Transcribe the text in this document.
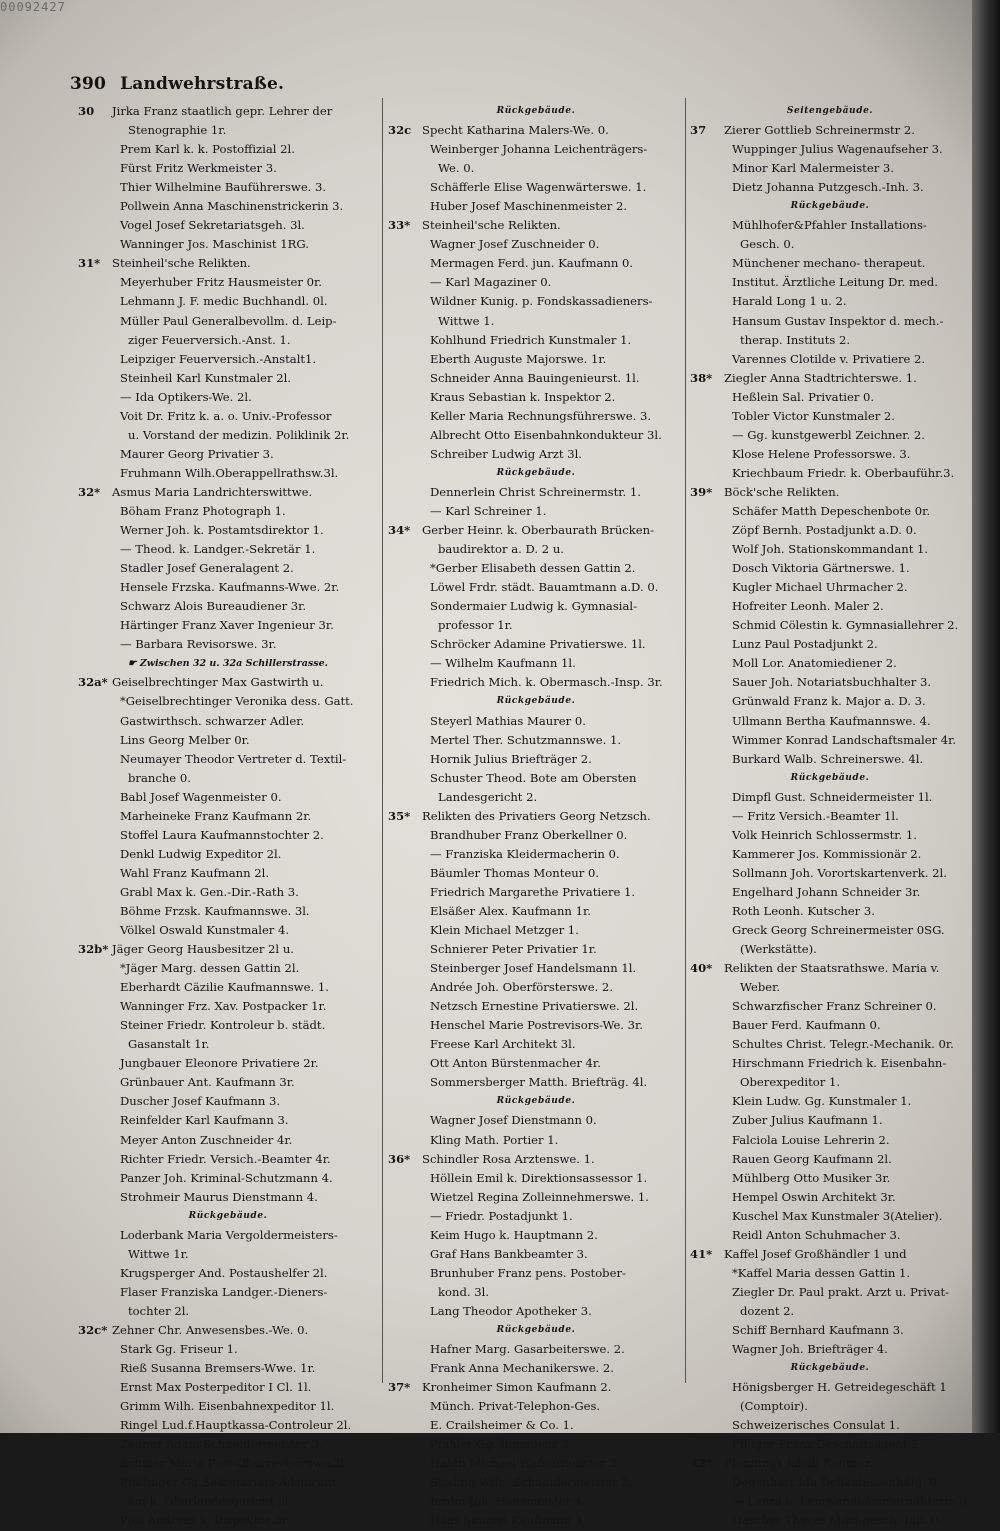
00092427
390 Landwehrstraße.
30 Jirka Franz staatlich gepr. Lehrer der
Stenographie 1r.
Prem Karl k. k. Postoffizial 2l.
Fürst Fritz Werkmeister 3.
Thier Wilhelmine Bauführerswe. 3.
Pollwein Anna Maschinenstrickerin 3.
Vogel Josef Sekretariatsgeh. 3l.
Wanninger Jos. Maschinist 1RG.
31* Steinheil'sche Relikten.
Meyerhuber Fritz Hausmeister 0r.
Lehmann J. F. medic Buchhandl. 0l.
Müller Paul Generalbevollm. d. Leip-
ziger Feuerversich.-Anst. 1.
Leipziger Feuerversich.-Anstalt1.
Steinheil Karl Kunstmaler 2l.
— Ida Optikers-We. 2l.
Voit Dr. Fritz k. a. o. Univ.-Professor
u. Vorstand der medizin. Poliklinik 2r.
Maurer Georg Privatier 3.
Fruhmann Wilh.Oberappellrathsw.3l.
32* Asmus Maria Landrichterswittwe.
Böham Franz Photograph 1.
Werner Joh. k. Postamtsdirektor 1.
— Theod. k. Landger.-Sekretär 1.
Stadler Josef Generalagent 2.
Hensele Frzska. Kaufmanns-Wwe. 2r.
Schwarz Alois Bureaudiener 3r.
Härtinger Franz Xaver Ingenieur 3r.
— Barbara Revisorswe. 3r.
☛ Zwischen 32 u. 32a Schillerstrasse.
32a* Geiselbrechtinger Max Gastwirth u.
*Geiselbrechtinger Veronika dess. Gatt.
Gastwirthsch. schwarzer Adler.
Lins Georg Melber 0r.
Neumayer Theodor Vertreter d. Textil-
branche 0.
Babl Josef Wagenmeister 0.
Marheineke Franz Kaufmann 2r.
Stoffel Laura Kaufmannstochter 2.
Denkl Ludwig Expeditor 2l.
Wahl Franz Kaufmann 2l.
Grabl Max k. Gen.-Dir.-Rath 3.
Böhme Frzsk. Kaufmannswe. 3l.
Völkel Oswald Kunstmaler 4.
32b* Jäger Georg Hausbesitzer 2l u.
*Jäger Marg. dessen Gattin 2l.
Eberhardt Cäzilie Kaufmannswe. 1.
Wanninger Frz. Xav. Postpacker 1r.
Steiner Friedr. Kontroleur b. städt.
Gasanstalt 1r.
Jungbauer Eleonore Privatiere 2r.
Grünbauer Ant. Kaufmann 3r.
Duscher Josef Kaufmann 3.
Reinfelder Karl Kaufmann 3.
Meyer Anton Zuschneider 4r.
Richter Friedr. Versich.-Beamter 4r.
Panzer Joh. Kriminal-Schutzmann 4.
Strohmeir Maurus Dienstmann 4.
Rückgebäude.
Loderbank Maria Vergoldermeisters-
Wittwe 1r.
Krugsperger And. Postaushelfer 2l.
Flaser Franziska Landger.-Dieners-
tochter 2l.
32c* Zehner Chr. Anwesensbes.-We. 0.
Stark Gg. Friseur 1.
Rieß Susanna Bremsers-Wwe. 1r.
Ernst Max Posterpeditor I Cl. 1l.
Grimm Wilh. Eisenbahnexpeditor 1l.
Ringel Lud.f.Hauptkassa-Controleur 2l.
Zehner Adam Schneidermeister 3.
Schmer Maria Post-Oberrevisorswe.3l.
Pfäffinger Gg.Sekretariats-Adspirant
am k. Oberlandesgericht 3l.
Pösl Andreas k. Inspektor 3r.
Rückgebäude.
32c Specht Katharina Malers-We. 0.
Weinberger Johanna Leichenträgers-
We. 0.
Schäfferle Elise Wagenwärterswe. 1.
Huber Josef Maschinenmeister 2.
33* Steinheil'sche Relikten.
Wagner Josef Zuschneider 0.
Mermagen Ferd. jun. Kaufmann 0.
— Karl Magaziner 0.
Wildner Kunig. p. Fondskassadieners-
Wittwe 1.
Kohlhund Friedrich Kunstmaler 1.
Eberth Auguste Majorswe. 1r.
Schneider Anna Bauingenieurst. 1l.
Kraus Sebastian k. Inspektor 2.
Keller Maria Rechnungsführerswe. 3.
Albrecht Otto Eisenbahnkondukteur 3l.
Schreiber Ludwig Arzt 3l.
Rückgebäude.
Dennerlein Christ Schreinermstr. 1.
— Karl Schreiner 1.
34* Gerber Heinr. k. Oberbaurath Brücken-
baudirektor a. D. 2 u.
*Gerber Elisabeth dessen Gattin 2.
Löwel Frdr. städt. Bauamtmann a.D. 0.
Sondermaier Ludwig k. Gymnasial-
professor 1r.
Schröcker Adamine Privatierswe. 1l.
— Wilhelm Kaufmann 1l.
Friedrich Mich. k. Obermasch.-Insp. 3r.
Rückgebäude.
Steyerl Mathias Maurer 0.
Mertel Ther. Schutzmannswe. 1.
Hornik Julius Briefträger 2.
Schuster Theod. Bote am Obersten
Landesgericht 2.
35* Relikten des Privatiers Georg Netzsch.
Brandhuber Franz Oberkellner 0.
— Franziska Kleidermacherin 0.
Bäumler Thomas Monteur 0.
Friedrich Margarethe Privatiere 1.
Elsäßer Alex. Kaufmann 1r.
Klein Michael Metzger 1.
Schnierer Peter Privatier 1r.
Steinberger Josef Handelsmann 1l.
Andrée Joh. Oberförsterswe. 2.
Netzsch Ernestine Privatierswe. 2l.
Henschel Marie Postrevisors-We. 3r.
Freese Karl Architekt 3l.
Ott Anton Bürstenmacher 4r.
Sommersberger Matth. Briefträg. 4l.
Rückgebäude.
Wagner Josef Dienstmann 0.
Kling Math. Portier 1.
36* Schindler Rosa Arztenswe. 1.
Höllein Emil k. Direktionsassessor 1.
Wietzel Regina Zolleinnehmerswe. 1.
— Friedr. Postadjunkt 1.
Keim Hugo k. Hauptmann 2.
Graf Hans Bankbeamter 3.
Brunhuber Franz pens. Postober-
kond. 3l.
Lang Theodor Apotheker 3.
Rückgebäude.
Hafner Marg. Gasarbeiterswe. 2.
Frank Anna Mechanikerswe. 2.
37* Kronheimer Simon Kaufmann 2.
Münch. Privat-Telephon-Ges.
E. Crailsheimer & Co. 1.
Pfahler Gg. Ingenieur 3.
Haidn Michael Hafnermeister 3.
Steding Wilh. Schneidermeister 3.
Jardin Joh. Hausmeister 4.
Haas Samuel Kaufmann 4.
Seitengebäude.
37 Zierer Gottlieb Schreinermstr 2.
Wuppinger Julius Wagenaufseher 3.
Minor Karl Malermeister 3.
Dietz Johanna Putzgesch.-Inh. 3.
Rückgebäude.
Mühlhofer&Pfahler Installations-
Gesch. 0.
Münchener mechano- therapeut.
Institut. Ärztliche Leitung Dr. med.
Harald Long 1 u. 2.
Hansum Gustav Inspektor d. mech.-
therap. Instituts 2.
Varennes Clotilde v. Privatiere 2.
38* Ziegler Anna Stadtrichterswe. 1.
Heßlein Sal. Privatier 0.
Tobler Victor Kunstmaler 2.
— Gg. kunstgewerbl Zeichner. 2.
Klose Helene Professorswe. 3.
Kriechbaum Friedr. k. Oberbauführ.3.
39* Böck'sche Relikten.
Schäfer Matth Depeschenbote 0r.
Zöpf Bernh. Postadjunkt a.D. 0.
Wolf Joh. Stationskommandant 1.
Dosch Viktoria Gärtnerswe. 1.
Kugler Michael Uhrmacher 2.
Hofreiter Leonh. Maler 2.
Schmid Cölestin k. Gymnasiallehrer 2.
Lunz Paul Postadjunkt 2.
Moll Lor. Anatomiediener 2.
Sauer Joh. Notariatsbuchhalter 3.
Grünwald Franz k. Major a. D. 3.
Ullmann Bertha Kaufmannswe. 4.
Wimmer Konrad Landschaftsmaler 4r.
Burkard Walb. Schreinerswe. 4l.
Rückgebäude.
Dimpfl Gust. Schneidermeister 1l.
— Fritz Versich.-Beamter 1l.
Volk Heinrich Schlossermstr. 1.
Kammerer Jos. Kommissionär 2.
Sollmann Joh. Vorortskartenverk. 2l.
Engelhard Johann Schneider 3r.
Roth Leonh. Kutscher 3.
Greck Georg Schreinermeister 0SG.
(Werkstätte).
40* Relikten der Staatsrathswe. Maria v.
Weber.
Schwarzfischer Franz Schreiner 0.
Bauer Ferd. Kaufmann 0.
Schultes Christ. Telegr.-Mechanik. 0r.
Hirschmann Friedrich k. Eisenbahn-
Oberexpeditor 1.
Klein Ludw. Gg. Kunstmaler 1.
Zuber Julius Kaufmann 1.
Falciola Louise Lehrerin 2.
Rauen Georg Kaufmann 2l.
Mühlberg Otto Musiker 3r.
Hempel Oswin Architekt 3r.
Kuschel Max Kunstmaler 3(Atelier).
Reidl Anton Schuhmacher 3.
41* Kaffel Josef Großhändler 1 und
*Kaffel Maria dessen Gattin 1.
Ziegler Dr. Paul prakt. Arzt u. Privat-
dozent 2.
Schiff Bernhard Kaufmann 3.
Wagner Joh. Briefträger 4.
Rückgebäude.
Hönigsberger H. Getreidegeschäft 1
(Comptoir).
Schweizerisches Consulat 1.
Pflüger Franz Geschäftsagent 2.
42* Pfennings Jakob Rentner.
Degenhart Ida Delikatessenhdlg. 0.
— Laura k. Leinwandkammernähterin 0.
Hascher Theres Milchgesch.-Inh. 0.
